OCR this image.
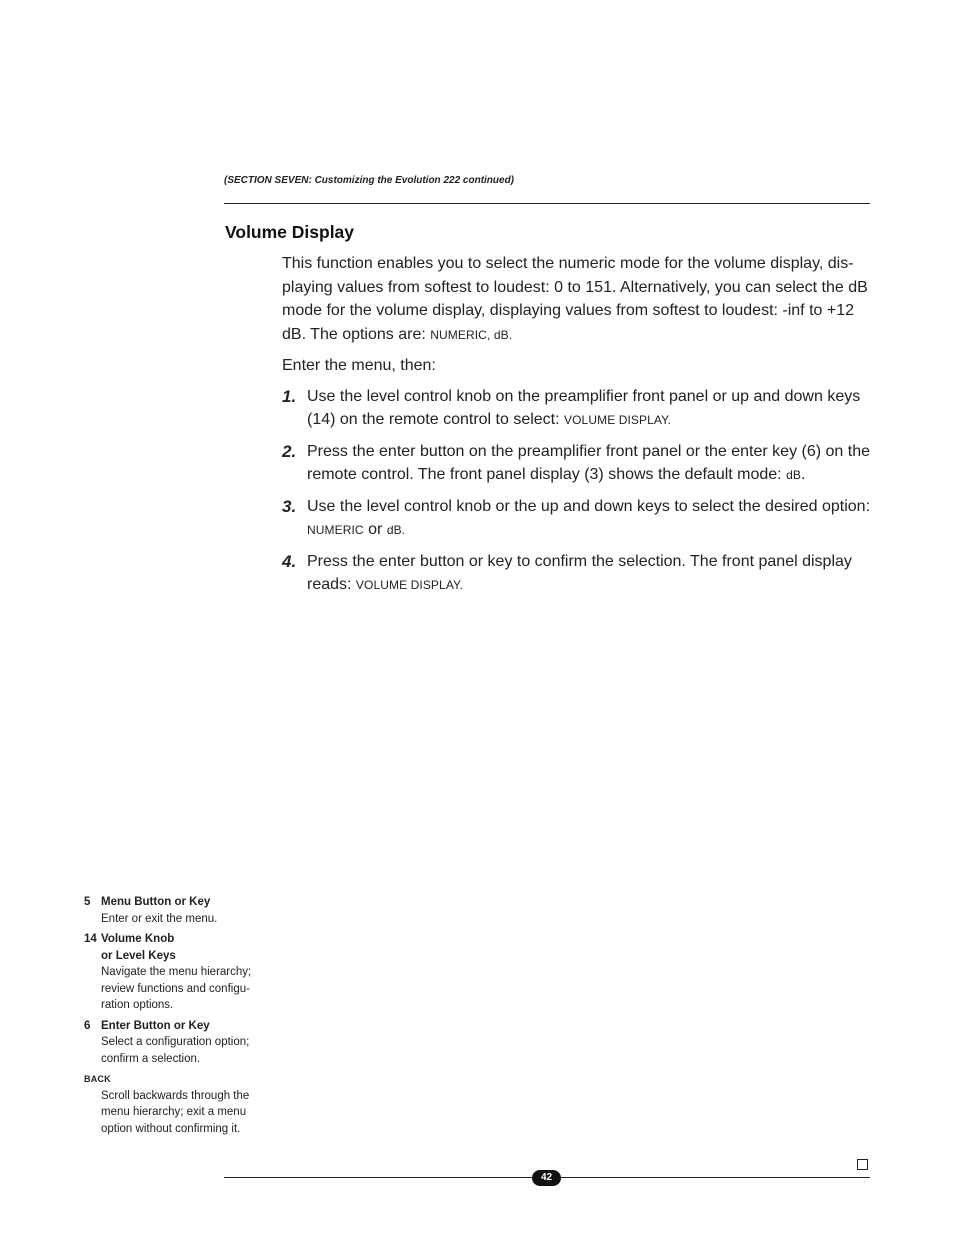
(SECTION SEVEN: Customizing the Evolution 222 continued)
Volume Display

This function enables you to select the numeric mode for the volume display, dis-playing values from softest to loudest: 0 to 151. Alternatively, you can select the dB mode for the volume display, displaying values from softest to loudest: -inf to +12 dB. The options are: NUMERIC, dB.

Enter the menu, then:

1. Use the level control knob on the preamplifier front panel or up and down keys (14) on the remote control to select: VOLUME DISPLAY.
2. Press the enter button on the preamplifier front panel or the enter key (6) on the remote control. The front panel display (3) shows the default mode: dB.
3. Use the level control knob or the up and down keys to select the desired option: NUMERIC or dB.
4. Press the enter button or key to confirm the selection. The front panel display reads: VOLUME DISPLAY.
5 Menu Button or Key
Enter or exit the menu.
14 Volume Knob
or Level Keys
Navigate the menu hierarchy; review functions and configu-ration options.
6 Enter Button or Key
Select a configuration option; confirm a selection.
BACK
Scroll backwards through the menu hierarchy; exit a menu option without confirming it.
42
